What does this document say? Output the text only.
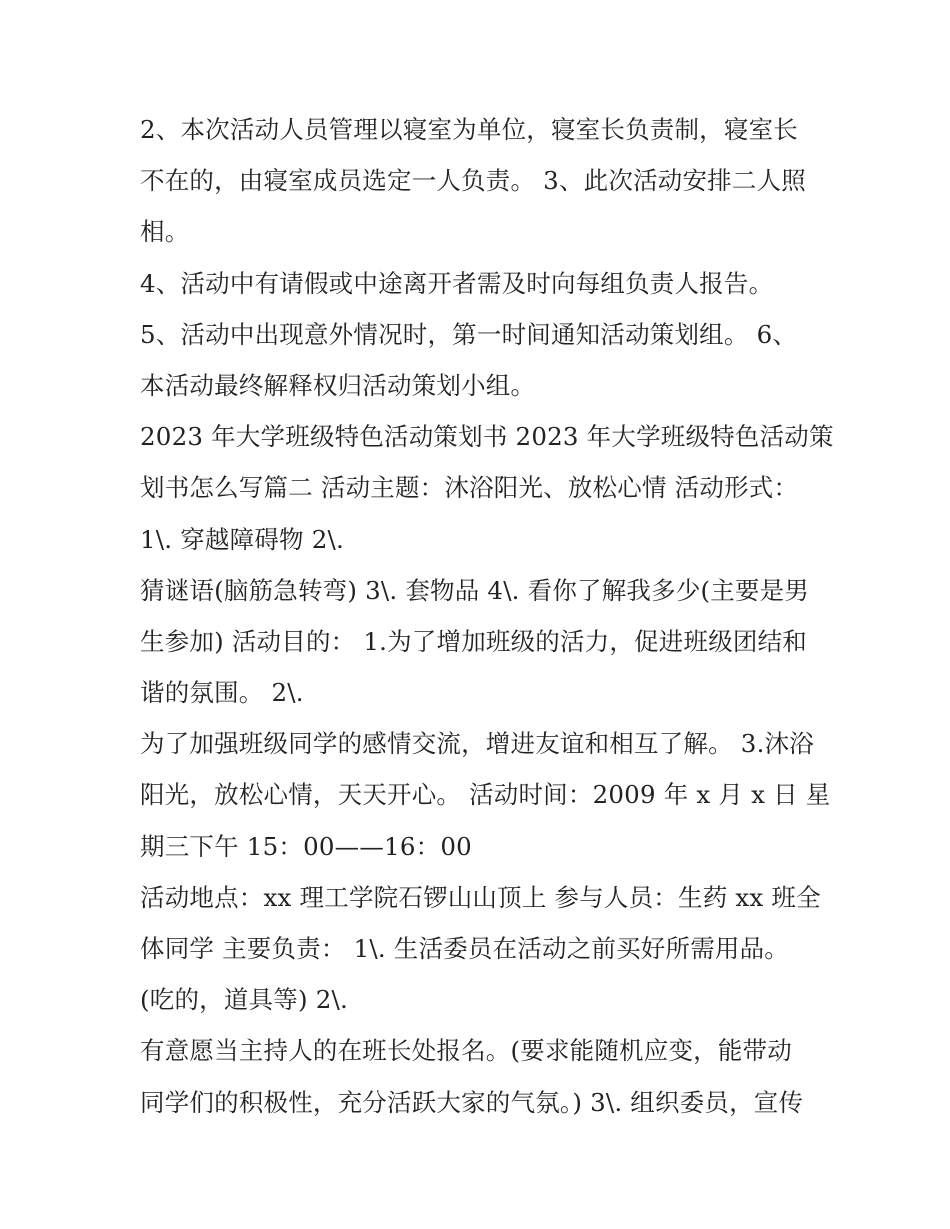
2、本次活动人员管理以寝室为单位，寝室长负责制，寝室长
不在的，由寝室成员选定一人负责。 3、此次活动安排二人照
相。
4、活动中有请假或中途离开者需及时向每组负责人报告。
5、活动中出现意外情况时，第一时间通知活动策划组。 6、
本活动最终解释权归活动策划小组。
2023 年大学班级特色活动策划书 2023 年大学班级特色活动策
划书怎么写篇二 活动主题：沐浴阳光、放松心情 活动形式：
1\. 穿越障碍物 2\.
猜谜语(脑筋急转弯) 3\. 套物品 4\. 看你了解我多少(主要是男
生参加) 活动目的： 1.为了增加班级的活力，促进班级团结和
谐的氛围。 2\.
为了加强班级同学的感情交流，增进友谊和相互了解。 3.沐浴
阳光，放松心情，天天开心。 活动时间：2009 年 x 月 x 日 星
期三下午 15：00——16：00
活动地点：xx 理工学院石锣山山顶上 参与人员：生药 xx 班全
体同学 主要负责： 1\. 生活委员在活动之前买好所需用品。
(吃的，道具等) 2\.
有意愿当主持人的在班长处报名。(要求能随机应变，能带动
同学们的积极性，充分活跃大家的气氛。) 3\. 组织委员，宣传
